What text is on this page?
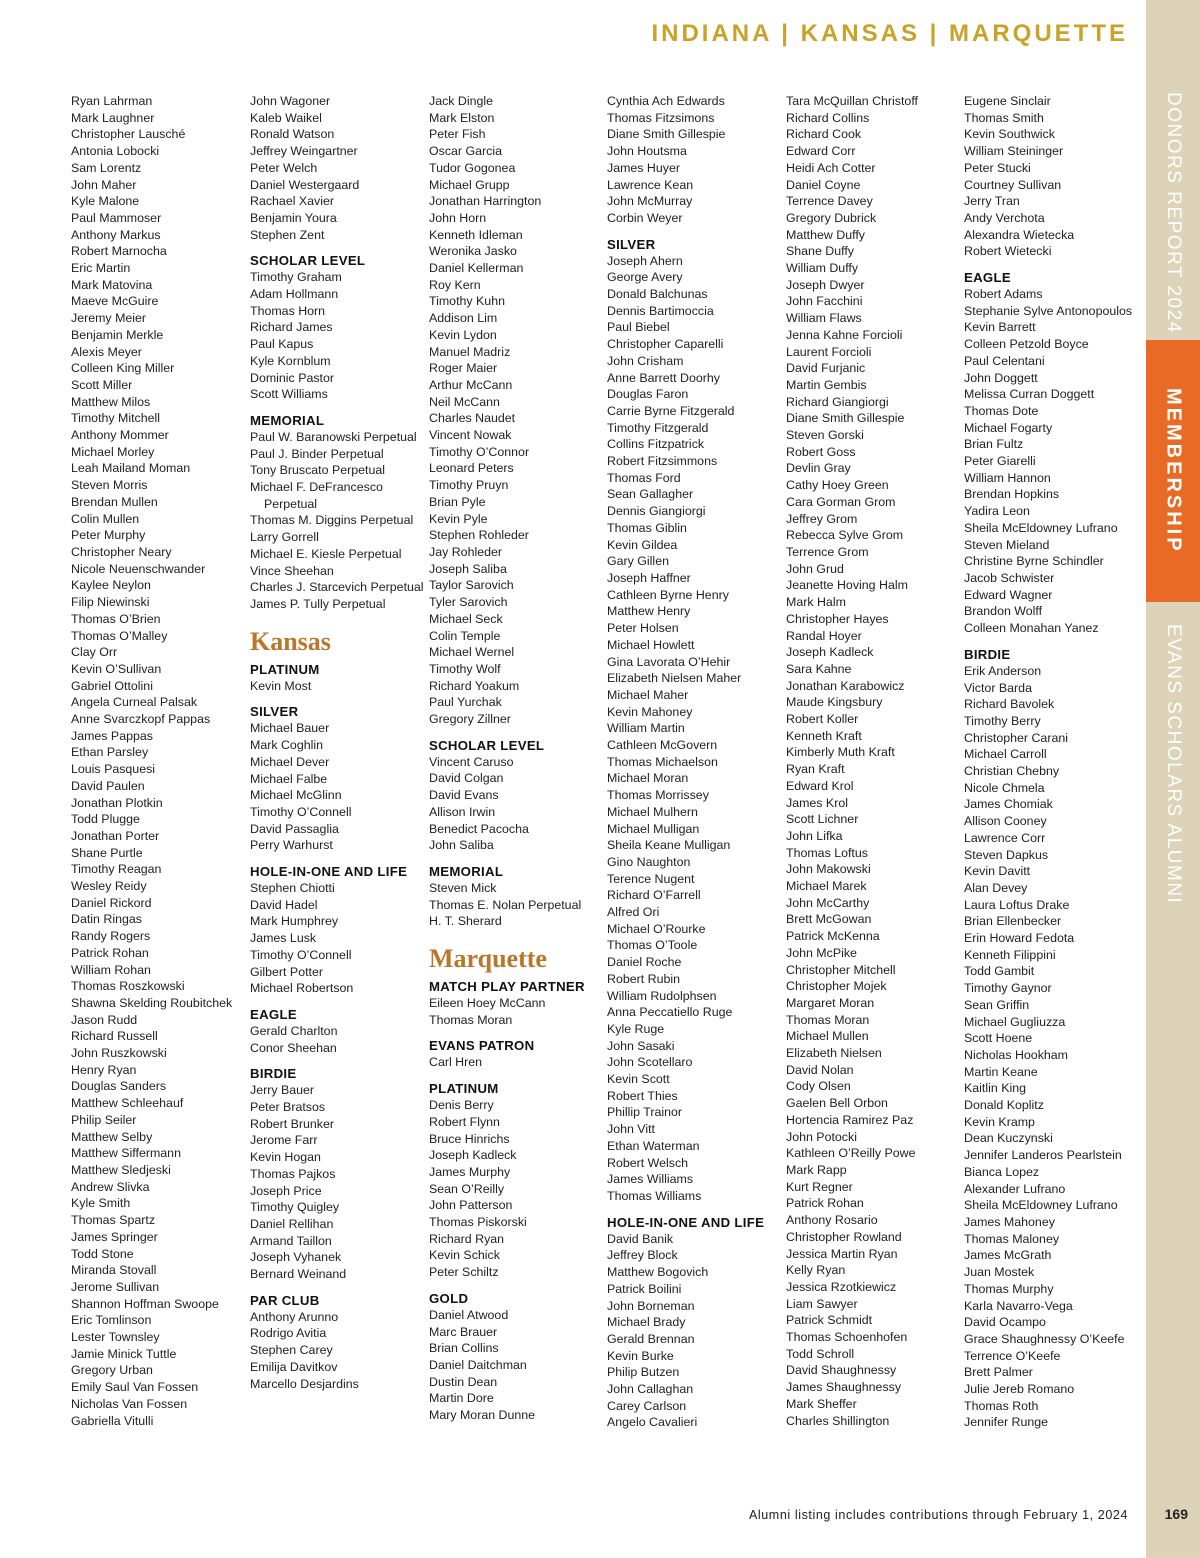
INDIANA | KANSAS | MARQUETTE
DONORS REPORT 2024
MEMBERSHIP
EVANS SCHOLARS ALUMNI
Ryan Lahrman
Mark Laughner
Christopher Lausché
Antonia Lobocki
Sam Lorentz
John Maher
Kyle Malone
Paul Mammoser
Anthony Markus
Robert Marnocha
Eric Martin
Mark Matovina
Maeve McGuire
Jeremy Meier
Benjamin Merkle
Alexis Meyer
Colleen King Miller
Scott Miller
Matthew Milos
Timothy Mitchell
Anthony Mommer
Michael Morley
Leah Mailand Moman
Steven Morris
Brendan Mullen
Colin Mullen
Peter Murphy
Christopher Neary
Nicole Neuenschwander
Kaylee Neylon
Filip Niewinski
Thomas O’Brien
Thomas O’Malley
Clay Orr
Kevin O’Sullivan
Gabriel Ottolini
Angela Curneal Palsak
Anne Svarczkopf Pappas
James Pappas
Ethan Parsley
Louis Pasquesi
David Paulen
Jonathan Plotkin
Todd Plugge
Jonathan Porter
Shane Purtle
Timothy Reagan
Wesley Reidy
Daniel Rickord
Datin Ringas
Randy Rogers
Patrick Rohan
William Rohan
Thomas Roszkowski
Shawna Skelding Roubitchek
Jason Rudd
Richard Russell
John Ruszkowski
Henry Ryan
Douglas Sanders
Matthew Schleehauf
Philip Seiler
Matthew Selby
Matthew Siffermann
Matthew Sledjeski
Andrew Slivka
Kyle Smith
Thomas Spartz
James Springer
Todd Stone
Miranda Stovall
Jerome Sullivan
Shannon Hoffman Swoope
Eric Tomlinson
Lester Townsley
Jamie Minick Tuttle
Gregory Urban
Emily Saul Van Fossen
Nicholas Van Fossen
Gabriella Vitulli
John Wagoner
Kaleb Waikel
Ronald Watson
Jeffrey Weingartner
Peter Welch
Daniel Westergaard
Rachael Xavier
Benjamin Youra
Stephen Zent
SCHOLAR LEVEL
Timothy Graham
Adam Hollmann
Thomas Horn
Richard James
Paul Kapus
Kyle Kornblum
Dominic Pastor
Scott Williams
MEMORIAL
Paul W. Baranowski Perpetual
Paul J. Binder Perpetual
Tony Bruscato Perpetual
Michael F. DeFrancesco Perpetual
Thomas M. Diggins Perpetual
Larry Gorrell
Michael E. Kiesle Perpetual
Vince Sheehan
Charles J. Starcevich Perpetual
James P. Tully Perpetual
Kansas
PLATINUM
Kevin Most
SILVER
Michael Bauer
Mark Coghlin
Michael Dever
Michael Falbe
Michael McGlinn
Timothy O’Connell
David Passaglia
Perry Warhurst
HOLE-IN-ONE AND LIFE
Stephen Chiotti
David Hadel
Mark Humphrey
James Lusk
Timothy O’Connell
Gilbert Potter
Michael Robertson
EAGLE
Gerald Charlton
Conor Sheehan
BIRDIE
Jerry Bauer
Peter Bratsos
Robert Brunker
Jerome Farr
Kevin Hogan
Thomas Pajkos
Joseph Price
Timothy Quigley
Daniel Rellihan
Armand Taillon
Joseph Vyhanek
Bernard Weinand
PAR CLUB
Anthony Arunno
Rodrigo Avitia
Stephen Carey
Emilija Davitkov
Marcello Desjardins
Jack Dingle
Mark Elston
Peter Fish
Oscar Garcia
Tudor Gogonea
Michael Grupp
Jonathan Harrington
John Horn
Kenneth Idleman
Weronika Jasko
Daniel Kellerman
Roy Kern
Timothy Kuhn
Addison Lim
Kevin Lydon
Manuel Madriz
Roger Maier
Arthur McCann
Neil McCann
Charles Naudet
Vincent Nowak
Timothy O’Connor
Leonard Peters
Timothy Pruyn
Brian Pyle
Kevin Pyle
Stephen Rohleder
Jay Rohleder
Joseph Saliba
Taylor Sarovich
Tyler Sarovich
Michael Seck
Colin Temple
Michael Wernel
Timothy Wolf
Richard Yoakum
Paul Yurchak
Gregory Zillner
SCHOLAR LEVEL
Vincent Caruso
David Colgan
David Evans
Allison Irwin
Benedict Pacocha
John Saliba
MEMORIAL
Steven Mick
Thomas E. Nolan Perpetual
H. T. Sherard
Marquette
MATCH PLAY PARTNER
Eileen Hoey McCann
Thomas Moran
EVANS PATRON
Carl Hren
PLATINUM
Denis Berry
Robert Flynn
Bruce Hinrichs
Joseph Kadleck
James Murphy
Sean O’Reilly
John Patterson
Thomas Piskorski
Richard Ryan
Kevin Schick
Peter Schiltz
GOLD
Daniel Atwood
Marc Brauer
Brian Collins
Daniel Daitchman
Dustin Dean
Martin Dore
Mary Moran Dunne
Cynthia Ach Edwards
Thomas Fitzsimons
Diane Smith Gillespie
John Houtsma
James Huyer
Lawrence Kean
John McMurray
Corbin Weyer
SILVER
Joseph Ahern
George Avery
Donald Balchunas
Dennis Bartimoccia
Paul Biebel
Christopher Caparelli
John Crisham
Anne Barrett Doorhy
Douglas Faron
Carrie Byrne Fitzgerald
Timothy Fitzgerald
Collins Fitzpatrick
Robert Fitzsimmons
Thomas Ford
Sean Gallagher
Dennis Giangiorgi
Thomas Giblin
Kevin Gildea
Gary Gillen
Joseph Haffner
Cathleen Byrne Henry
Matthew Henry
Peter Holsen
Michael Howlett
Gina Lavorata O’Hehir
Elizabeth Nielsen Maher
Michael Maher
Kevin Mahoney
William Martin
Cathleen McGovern
Thomas Michaelson
Michael Moran
Thomas Morrissey
Michael Mulhern
Michael Mulligan
Sheila Keane Mulligan
Gino Naughton
Terence Nugent
Richard O’Farrell
Alfred Ori
Michael O’Rourke
Thomas O’Toole
Daniel Roche
Robert Rubin
William Rudolphsen
Anna Peccatiello Ruge
Kyle Ruge
John Sasaki
John Scotellaro
Kevin Scott
Robert Thies
Phillip Trainor
John Vitt
Ethan Waterman
Robert Welsch
James Williams
Thomas Williams
HOLE-IN-ONE AND LIFE
David Banik
Jeffrey Block
Matthew Bogovich
Patrick Boilini
John Borneman
Michael Brady
Gerald Brennan
Kevin Burke
Philip Butzen
John Callaghan
Carey Carlson
Angelo Cavalieri
Tara McQuillan Christoff
Richard Collins
Richard Cook
Edward Corr
Heidi Ach Cotter
Daniel Coyne
Terrence Davey
Gregory Dubrick
Matthew Duffy
Shane Duffy
William Duffy
Joseph Dwyer
John Facchini
William Flaws
Jenna Kahne Forcioli
Laurent Forcioli
David Furjanic
Martin Gembis
Richard Giangiorgi
Diane Smith Gillespie
Steven Gorski
Robert Goss
Devlin Gray
Cathy Hoey Green
Cara Gorman Grom
Jeffrey Grom
Rebecca Sylve Grom
Terrence Grom
John Grud
Jeanette Hoving Halm
Mark Halm
Christopher Hayes
Randal Hoyer
Joseph Kadleck
Sara Kahne
Jonathan Karabowicz
Maude Kingsbury
Robert Koller
Kenneth Kraft
Kimberly Muth Kraft
Ryan Kraft
Edward Krol
James Krol
Scott Lichner
John Lifka
Thomas Loftus
John Makowski
Michael Marek
John McCarthy
Brett McGowan
Patrick McKenna
John McPike
Christopher Mitchell
Christopher Mojek
Margaret Moran
Thomas Moran
Michael Mullen
Elizabeth Nielsen
David Nolan
Cody Olsen
Gaelen Bell Orbon
Hortencia Ramirez Paz
John Potocki
Kathleen O’Reilly Powe
Mark Rapp
Kurt Regner
Patrick Rohan
Anthony Rosario
Christopher Rowland
Jessica Martin Ryan
Kelly Ryan
Jessica Rzotkiewicz
Liam Sawyer
Patrick Schmidt
Thomas Schoenhofen
Todd Schroll
David Shaughnessy
James Shaughnessy
Mark Sheffer
Charles Shillington
Eugene Sinclair
Thomas Smith
Kevin Southwick
William Steininger
Peter Stucki
Courtney Sullivan
Jerry Tran
Andy Verchota
Alexandra Wietecka
Robert Wietecki
EAGLE
Robert Adams
Stephanie Sylve Antonopoulos
Kevin Barrett
Colleen Petzold Boyce
Paul Celentani
John Doggett
Melissa Curran Doggett
Thomas Dote
Michael Fogarty
Brian Fultz
Peter Giarelli
William Hannon
Brendan Hopkins
Yadira Leon
Sheila McEldowney Lufrano
Steven Mieland
Christine Byrne Schindler
Jacob Schwister
Edward Wagner
Brandon Wolff
Colleen Monahan Yanez
BIRDIE
Erik Anderson
Victor Barda
Richard Bavolek
Timothy Berry
Christopher Carani
Michael Carroll
Christian Chebny
Nicole Chmela
James Chomiak
Allison Cooney
Lawrence Corr
Steven Dapkus
Kevin Davitt
Alan Devey
Laura Loftus Drake
Brian Ellenbecker
Erin Howard Fedota
Kenneth Filippini
Todd Gambit
Timothy Gaynor
Sean Griffin
Michael Gugliuzza
Scott Hoene
Nicholas Hookham
Martin Keane
Kaitlin King
Donald Koplitz
Kevin Kramp
Dean Kuczynski
Jennifer Landeros Pearlstein
Bianca Lopez
Alexander Lufrano
Sheila McEldowney Lufrano
James Mahoney
Thomas Maloney
James McGrath
Juan Mostek
Thomas Murphy
Karla Navarro-Vega
David Ocampo
Grace Shaughnessy O’Keefe
Terrence O’Keefe
Brett Palmer
Julie Jereb Romano
Thomas Roth
Jennifer Runge
Alumni listing includes contributions through February 1, 2024	169
